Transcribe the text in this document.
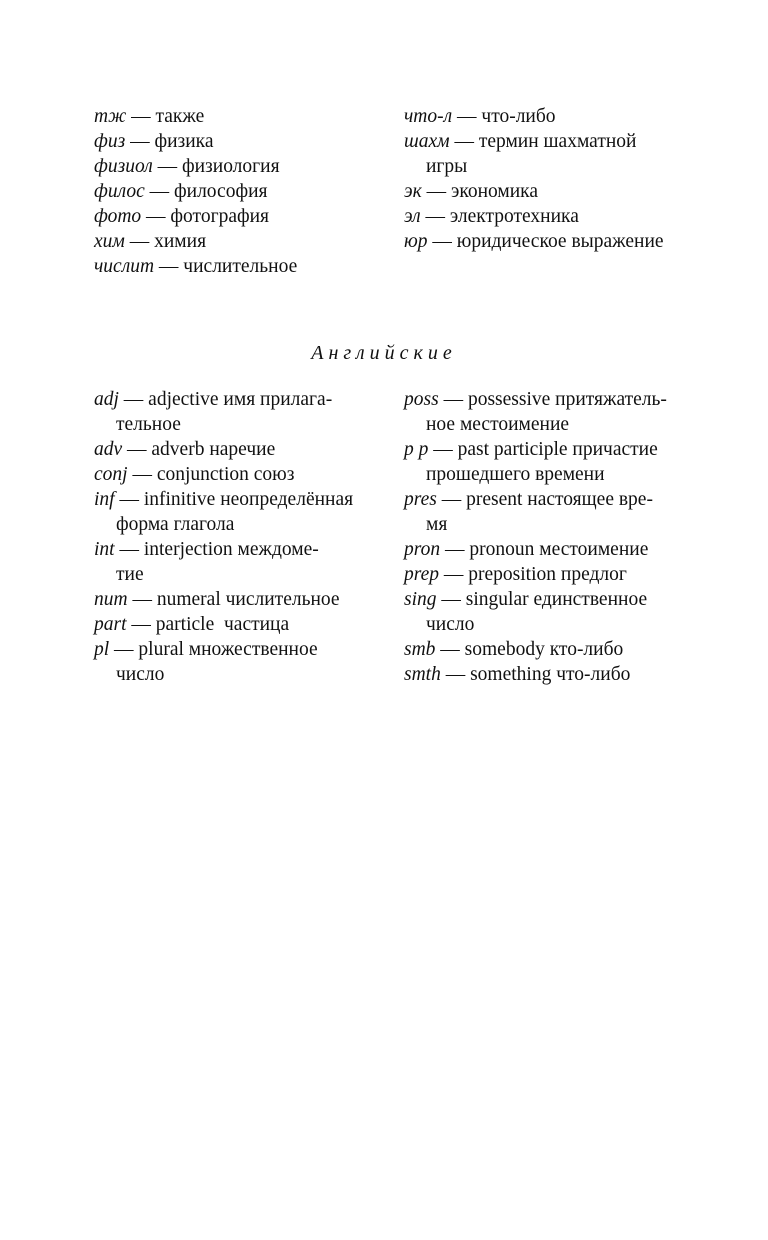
тж — также
физ — физика
физиол — физиология
филос — философия
фото — фотография
хим — химия
числит — числительное
что-л — что-либо
шахм — термин шахматной
игры
эк — экономика
эл — электротехника
юр — юридическое выражение
Английские
adj — adjective имя прилага-
тельное
adv — adverb наречие
conj — conjunction союз
inf — infinitive неопределённая
форма глагола
int — interjection междоме-
тие
num — numeral числительное
part — particle  частица
pl — plural множественное
число
poss — possessive притяжатель-
ное местоимение
p p — past participle причастие
прошедшего времени
pres — present настоящее вре-
мя
pron — pronoun местоимение
prep — preposition предлог
sing — singular единственное
число
smb — somebody кто-либо
smth — something что-либо
